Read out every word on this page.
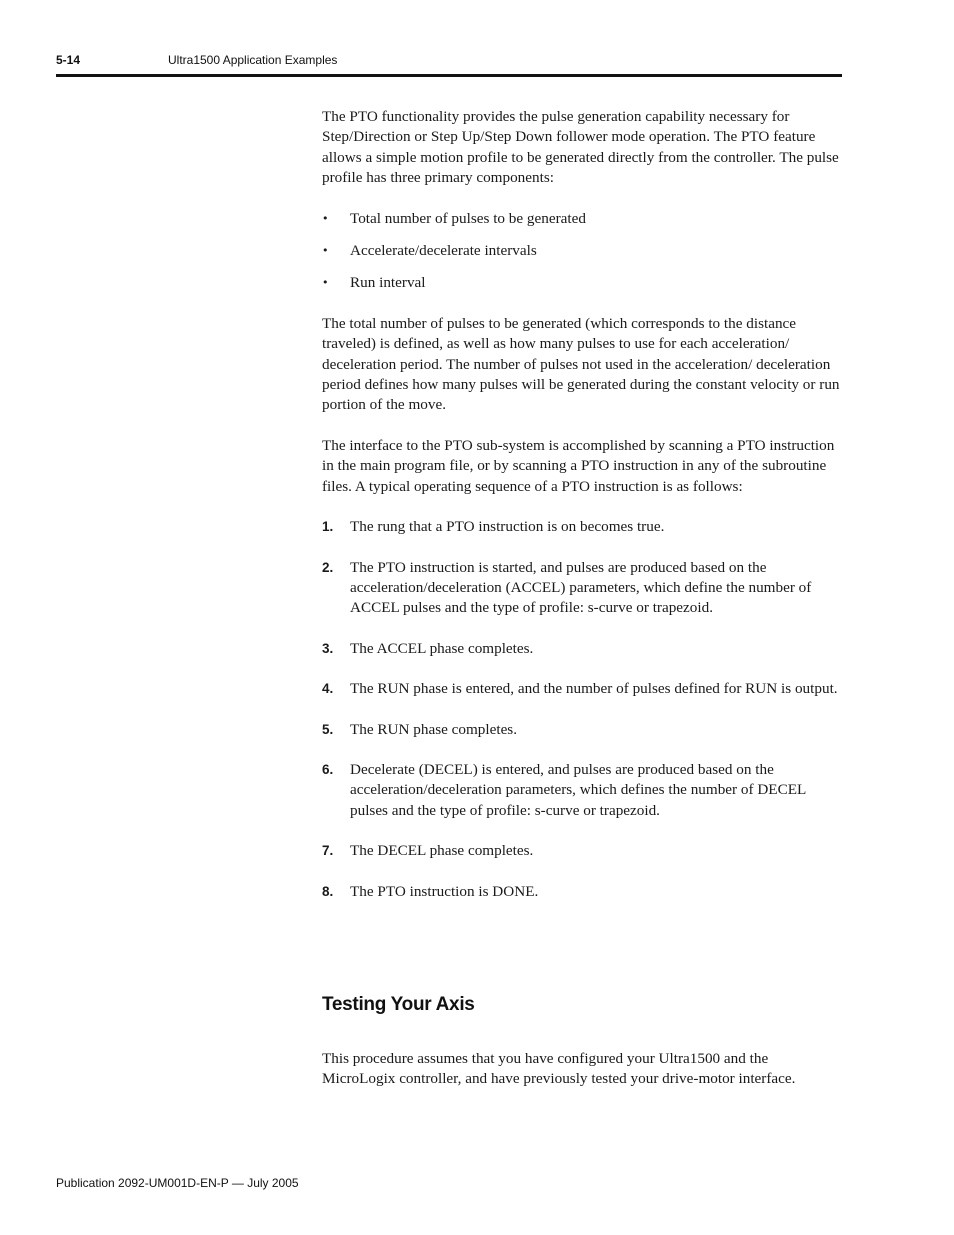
5-14	Ultra1500 Application Examples

The PTO functionality provides the pulse generation capability necessary for Step/Direction or Step Up/Step Down follower mode operation. The PTO feature allows a simple motion profile to be generated directly from the controller. The pulse profile has three primary components:

• Total number of pulses to be generated
• Accelerate/decelerate intervals
• Run interval

The total number of pulses to be generated (which corresponds to the distance traveled) is defined, as well as how many pulses to use for each acceleration/ deceleration period. The number of pulses not used in the acceleration/ deceleration period defines how many pulses will be generated during the constant velocity or run portion of the move.

The interface to the PTO sub-system is accomplished by scanning a PTO instruction in the main program file, or by scanning a PTO instruction in any of the subroutine files. A typical operating sequence of a PTO instruction is as follows:

1. The rung that a PTO instruction is on becomes true.
2. The PTO instruction is started, and pulses are produced based on the acceleration/deceleration (ACCEL) parameters, which define the number of ACCEL pulses and the type of profile: s-curve or trapezoid.
3. The ACCEL phase completes.
4. The RUN phase is entered, and the number of pulses defined for RUN is output.
5. The RUN phase completes.
6. Decelerate (DECEL) is entered, and pulses are produced based on the acceleration/deceleration parameters, which defines the number of DECEL pulses and the type of profile: s-curve or trapezoid.
7. The DECEL phase completes.
8. The PTO instruction is DONE.
Testing Your Axis

This procedure assumes that you have configured your Ultra1500 and the MicroLogix controller, and have previously tested your drive-motor interface.

Publication 2092-UM001D-EN-P — July 2005
